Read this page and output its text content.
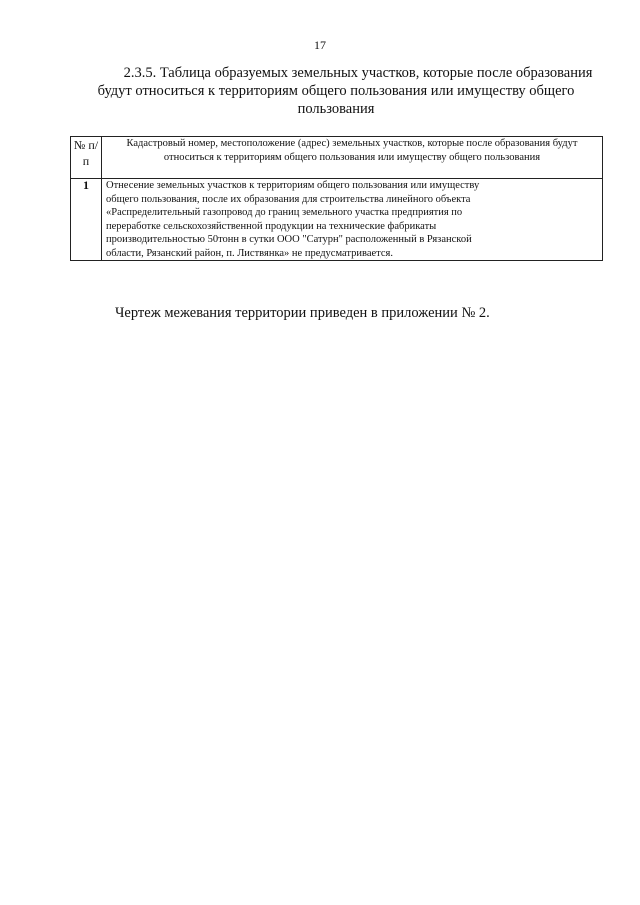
17
2.3.5. Таблица образуемых земельных участков, которые после образования будут относиться к территориям общего пользования или имуществу общего пользования
№ п/п	Кадастровый номер, местоположение (адрес) земельных участков, которые после образования будут относиться к территориям общего пользования или имуществу общего пользования
1	Отнесение земельных участков к территориям общего пользования или имуществу общего пользования, после их образования для строительства линейного объекта «Распределительный газопровод до границ земельного участка предприятия по переработке сельскохозяйственной продукции на технические фабрикаты производительностью 50тонн в сутки ООО "Сатурн" расположенный в Рязанской области, Рязанский район, п. Листвянка» не предусматривается.
Чертеж межевания территории приведен в приложении № 2.
